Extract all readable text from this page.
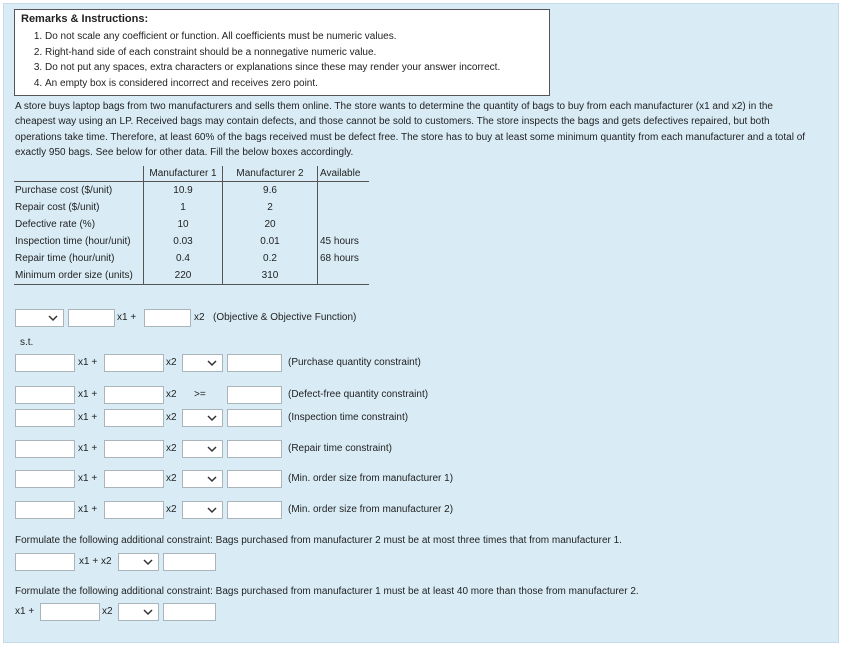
Remarks & Instructions:
1. Do not scale any coefficient or function. All coefficients must be numeric values.
2. Right-hand side of each constraint should be a nonnegative numeric value.
3. Do not put any spaces, extra characters or explanations since these may render your answer incorrect.
4. An empty box is considered incorrect and receives zero point.
A store buys laptop bags from two manufacturers and sells them online. The store wants to determine the quantity of bags to buy from each manufacturer (x1 and x2) in the cheapest way using an LP. Received bags may contain defects, and those cannot be sold to customers. The store inspects the bags and gets defectives repaired, but both operations take time. Therefore, at least 60% of the bags received must be defect free. The store has to buy at least some minimum quantity from each manufacturer and a total of exactly 950 bags. See below for other data. Fill the below boxes accordingly.
	Manufacturer 1	Manufacturer 2	Available
Purchase cost ($/unit)	10.9	9.6	
Repair cost ($/unit)	1	2	
Defective rate (%)	10	20	
Inspection time (hour/unit)	0.03	0.01	45 hours
Repair time (hour/unit)	0.4	0.2	68 hours
Minimum order size (units)	220	310	
x1 +	x2 (Objective & Objective Function)
s.t.
x1 +	x2	(Purchase quantity constraint)
x1 +	x2 >=	(Defect-free quantity constraint)
x1 +	x2	(Inspection time constraint)
x1 +	x2	(Repair time constraint)
x1 +	x2	(Min. order size from manufacturer 1)
x1 +	x2	(Min. order size from manufacturer 2)
Formulate the following additional constraint: Bags purchased from manufacturer 2 must be at most three times that from manufacturer 1.
x1 + x2
Formulate the following additional constraint: Bags purchased from manufacturer 1 must be at least 40 more than those from manufacturer 2.
x1 +	x2
